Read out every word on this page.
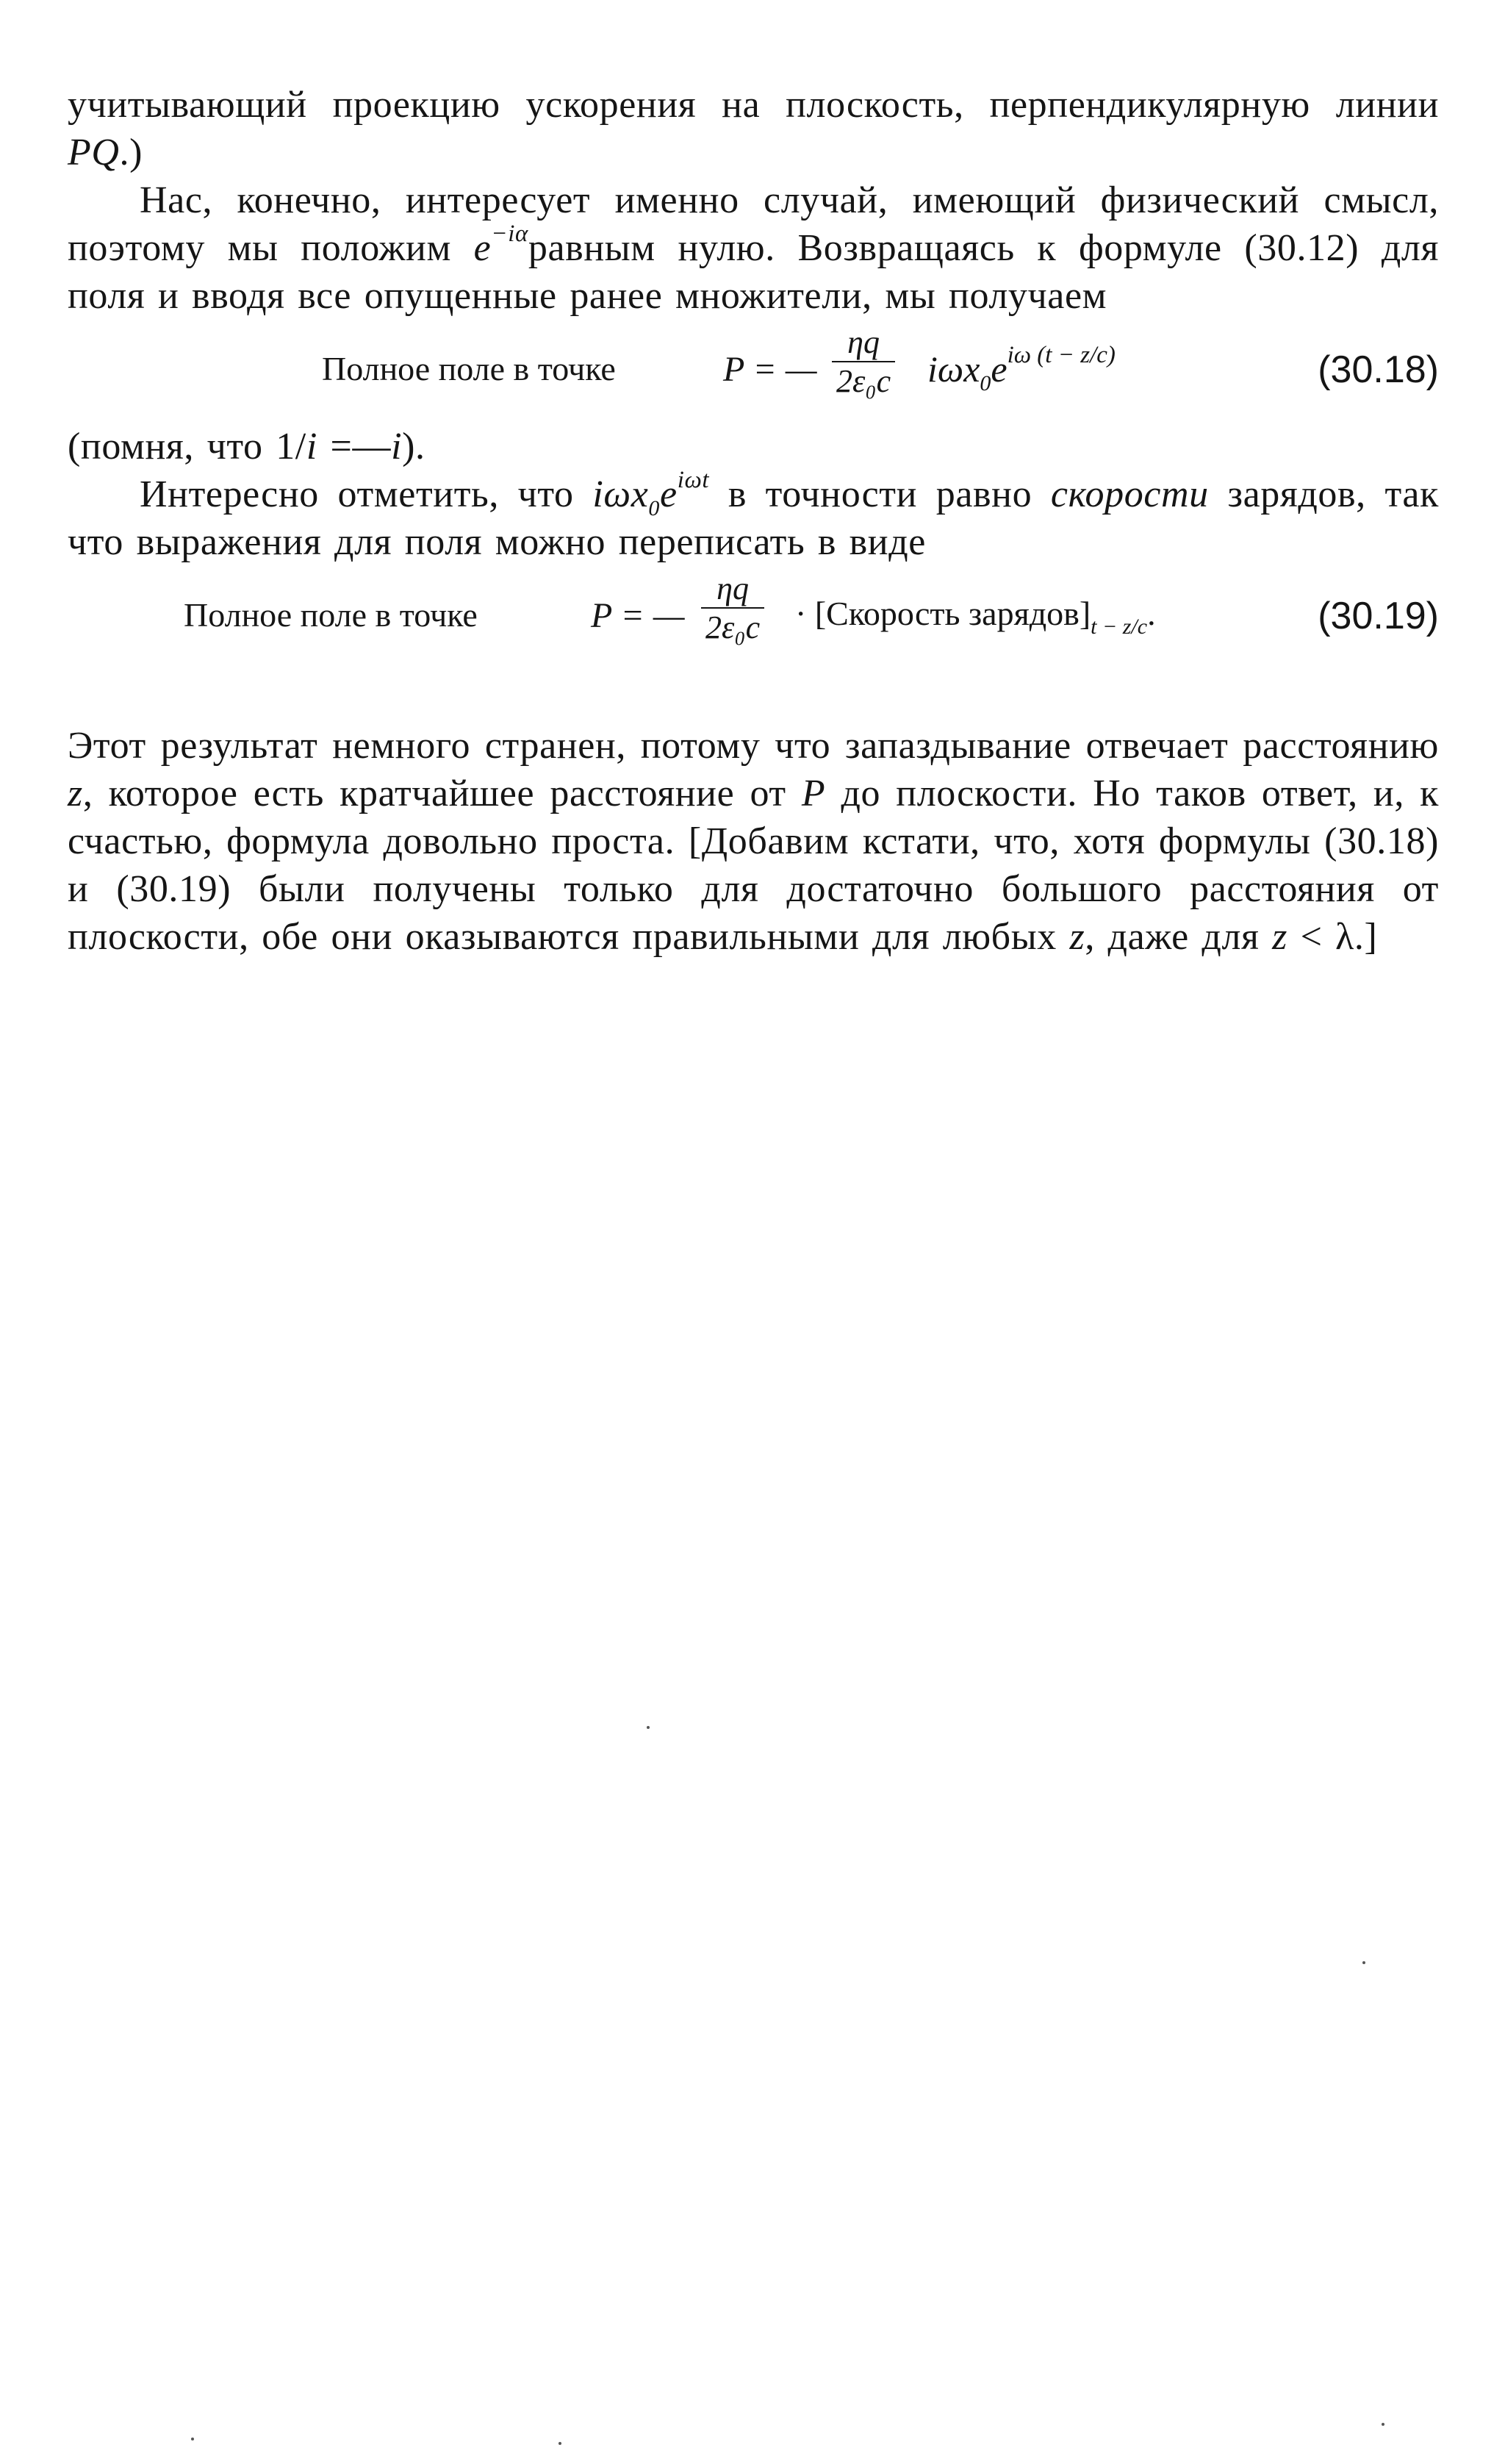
учитывающий проекцию ускорения на плоскость, перпендикулярную линии PQ.)

Нас, конечно, интересует именно случай, имеющий физический смысл, поэтому мы положим $e^{-i\alpha}равным$ нулю. Возвращаясь к формуле (30.12) для поля и вводя все опущенные ранее множители, мы получаем

Полное поле в точке	P = —
ηq
2ε₀c $i\omega x_0e^{i\omega (t - z/c)}$	(30.18)

(помня, что 1/i =—i).

Интересно отметить, что $i\omega x_0e^{i\omega t}$ в точности равно скорости зарядов, так что выражения для поля можно переписать в виде

Полное поле в точке	P = —
ηq
2ε₀c · [Скорость $зарядов]_{t - z/c}$.	(30.19)

Этот результат немного странен, потому что запаздывание отвечает расстоянию z, которое есть кратчайшее расстояние от P до плоскости. Но таков ответ, и, к счастью, формула довольно проста. [Добавим кстати, что, хотя формулы (30.18) и (30.19) были получены только для достаточно большого расстояния от плоскости, обе они оказываются правильными для любых z, даже для z < λ.]
